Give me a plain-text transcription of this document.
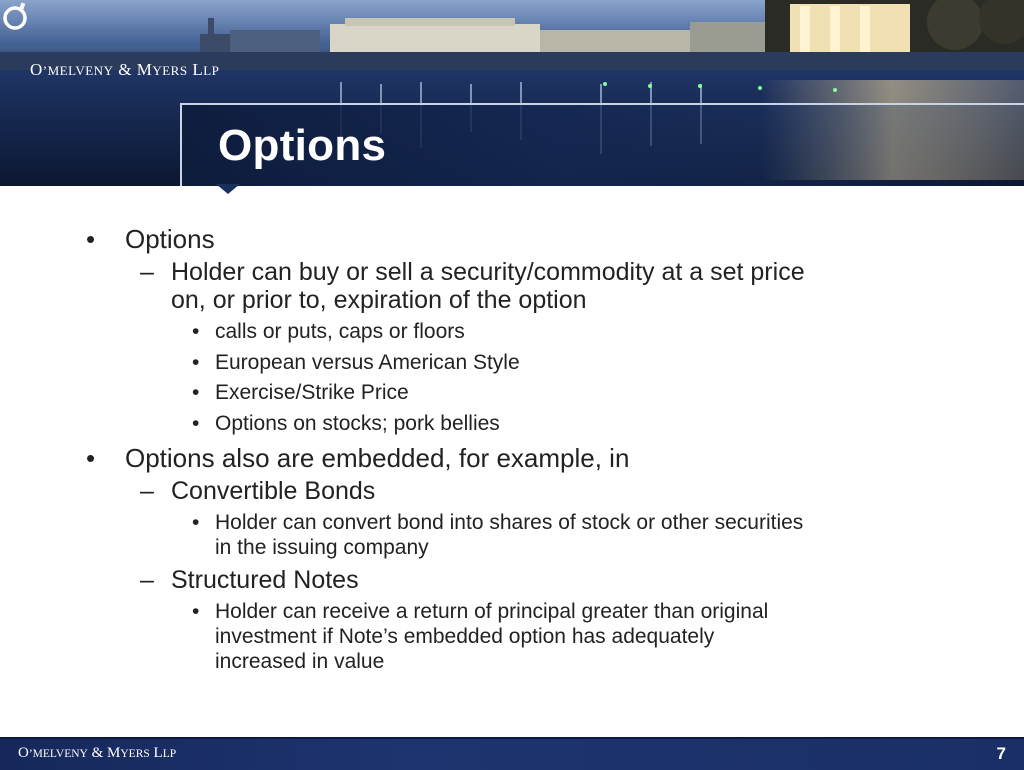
O’MELVENY & MYERS LLP
Options
• Options
– Holder can buy or sell a security/commodity at a set price
on, or prior to, expiration of the option
• calls or puts, caps or floors
• European versus American Style
• Exercise/Strike Price
• Options on stocks; pork bellies
• Options also are embedded, for example, in
– Convertible Bonds
• Holder can convert bond into shares of stock or other securities
in the issuing company
– Structured Notes
• Holder can receive a return of principal greater than original
investment if Note’s embedded option has adequately
increased in value
O’MELVENY & MYERS LLP	7
